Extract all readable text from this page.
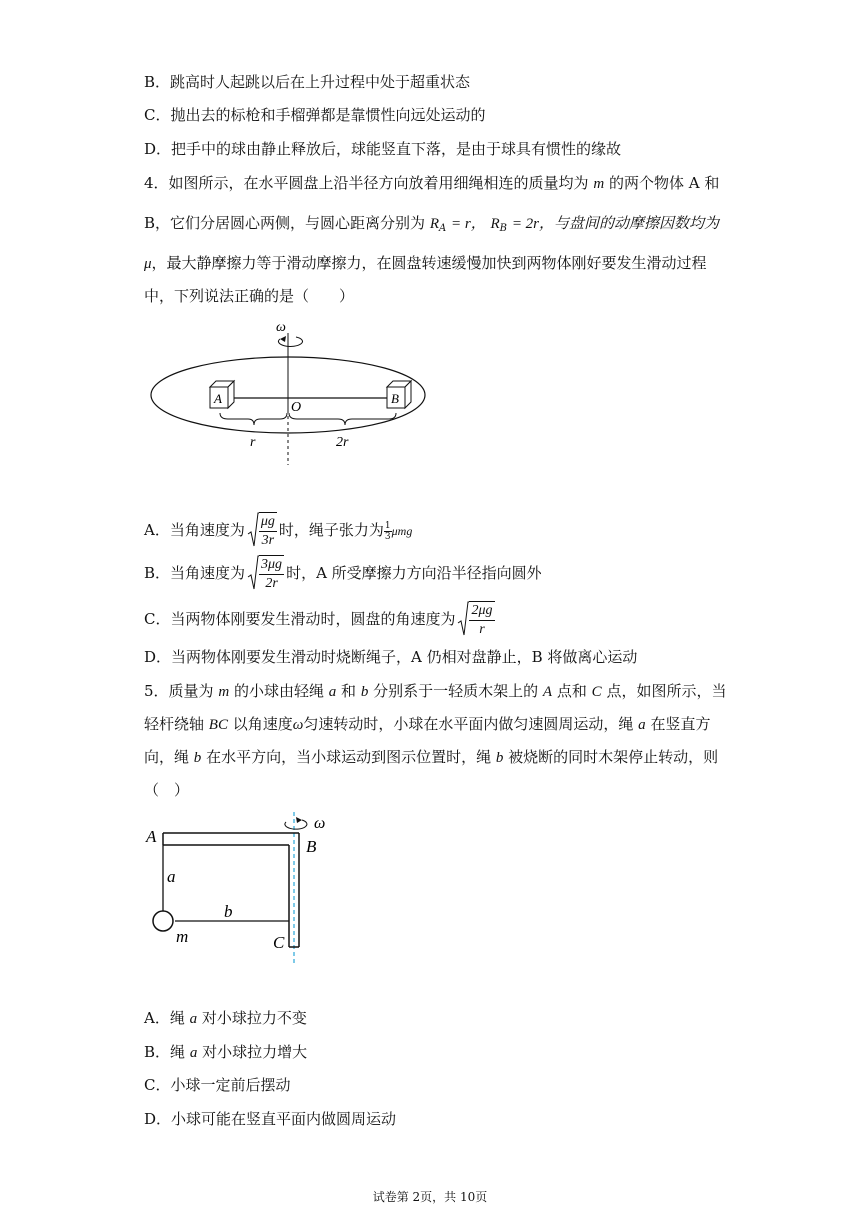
B．跳高时人起跳以后在上升过程中处于超重状态
C．抛出去的标枪和手榴弹都是靠惯性向远处运动的
D．把手中的球由静止释放后，球能竖直下落，是由于球具有惯性的缘故
4．如图所示，在水平圆盘上沿半径方向放着用细绳相连的质量均为 m 的两个物体 A 和
B，它们分居圆心两侧，与圆心距离分别为 $R_A = r$， $R_B = 2r$，与盘间的动摩擦因数均为
μ，最大静摩擦力等于滑动摩擦力，在圆盘转速缓慢加快到两物体刚好要发生滑动过程
中，下列说法正确的是（　　）
ω
A	B
O
r	2r
A．当角速度为 $\frac{\mu g}{3r}$ 时，绳子张力为 $\frac{1}{3}$ μmg
B．当角速度为 $\frac{3\mu g}{2r}$ 时，A 所受摩擦力方向沿半径指向圆外
C．当两物体刚要发生滑动时，圆盘的角速度为 $\frac{2\mu g}{r}$
D．当两物体刚要发生滑动时烧断绳子，A 仍相对盘静止，B 将做离心运动
5．质量为 m 的小球由轻绳 a 和 b 分别系于一轻质木架上的 A 点和 C 点，如图所示，当
轻杆绕轴 BC 以角速度ω匀速转动时，小球在水平面内做匀速圆周运动，绳 a 在竖直方
向，绳 b 在水平方向，当小球运动到图示位置时，绳 b 被烧断的同时木架停止转动，则
（　）
ω
A
B
C
a
b
m
A．绳 a 对小球拉力不变
B．绳 a 对小球拉力增大
C．小球一定前后摆动
D．小球可能在竖直平面内做圆周运动
试卷第 2页，共 10页
